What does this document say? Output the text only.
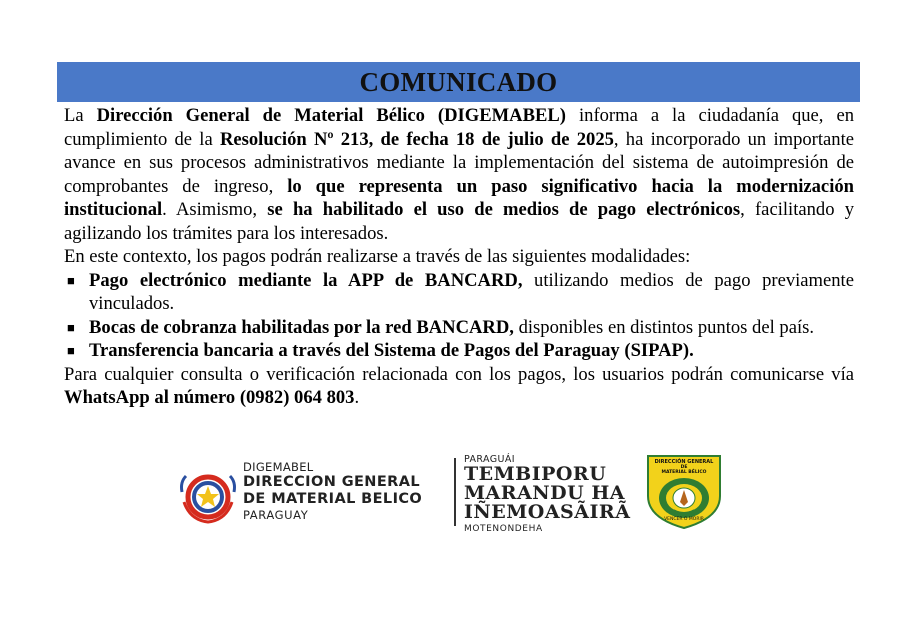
COMUNICADO

La Dirección General de Material Bélico (DIGEMABEL) informa a la ciudadanía que, en cumplimiento de la Resolución Nº 213, de fecha 18 de julio de 2025, ha incorporado un importante avance en sus procesos administrativos mediante la implementación del sistema de autoimpresión de comprobantes de ingreso, lo que representa un paso significativo hacia la modernización institucional. Asimismo, se ha habilitado el uso de medios de pago electrónicos, facilitando y agilizando los trámites para los interesados.

En este contexto, los pagos podrán realizarse a través de las siguientes modalidades:

■ Pago electrónico mediante la APP de BANCARD, utilizando medios de pago previamente vinculados.
■ Bocas de cobranza habilitadas por la red BANCARD, disponibles en distintos puntos del país.
■ Transferencia bancaria a través del Sistema de Pagos del Paraguay (SIPAP).

Para cualquier consulta o verificación relacionada con los pagos, los usuarios podrán comunicarse vía WhatsApp al número (0982) 064 803.

DIGEMABEL
DIRECCION GENERAL
DE MATERIAL BELICO
PARAGUAY
PARAGUÁI
TEMBIPORU
MARANDU HA
IÑEMOASÃIRÃ
MOTENONDEHA
DIRECCIÓN GENERAL
DE
MATERIAL BÉLICO
VENCER O MORIR
